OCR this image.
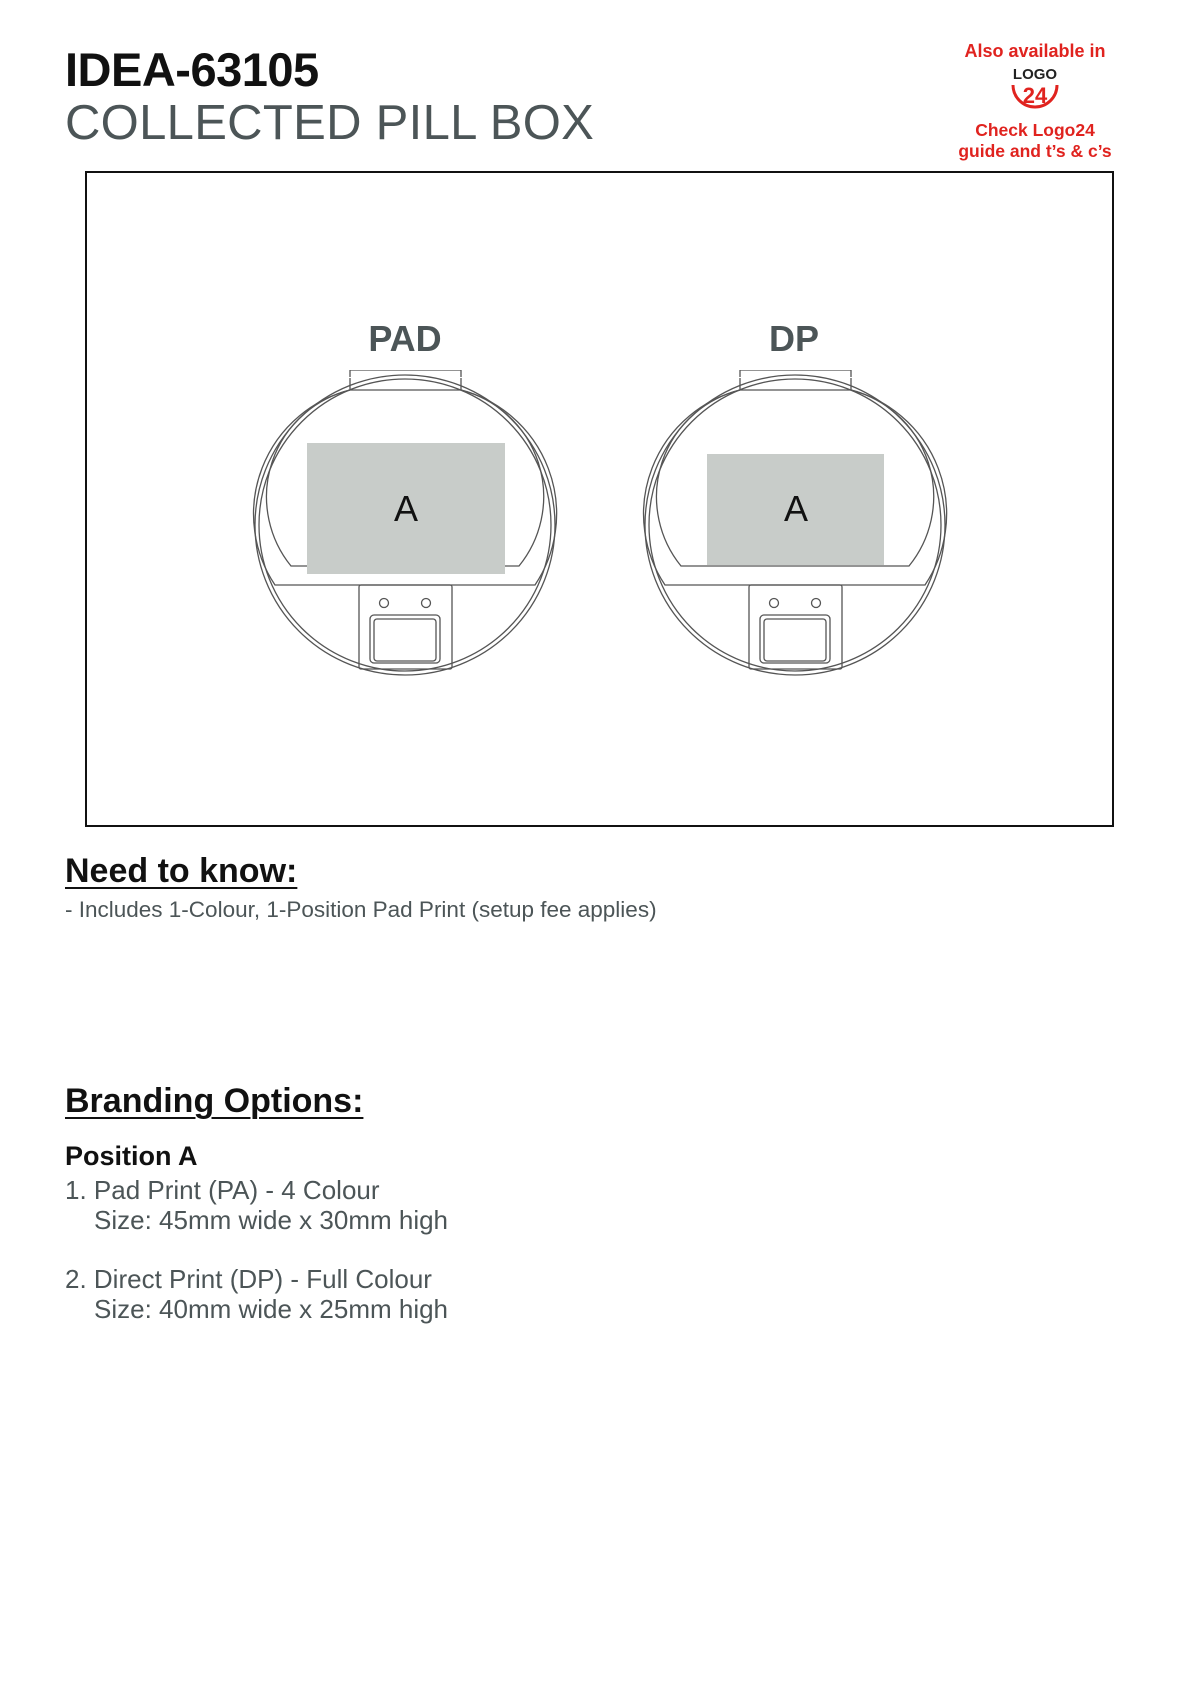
IDEA-63105
COLLECTED PILL BOX
Also available in
LOGO
24
Check Logo24
guide and t’s & c’s
PAD	DP
A	A
Need to know:
- Includes 1-Colour, 1-Position Pad Print (setup fee applies)
Branding Options:
Position A
1. Pad Print (PA) - 4 Colour
Size: 45mm wide x 30mm high
2. Direct Print (DP) - Full Colour
Size: 40mm wide x 25mm high
